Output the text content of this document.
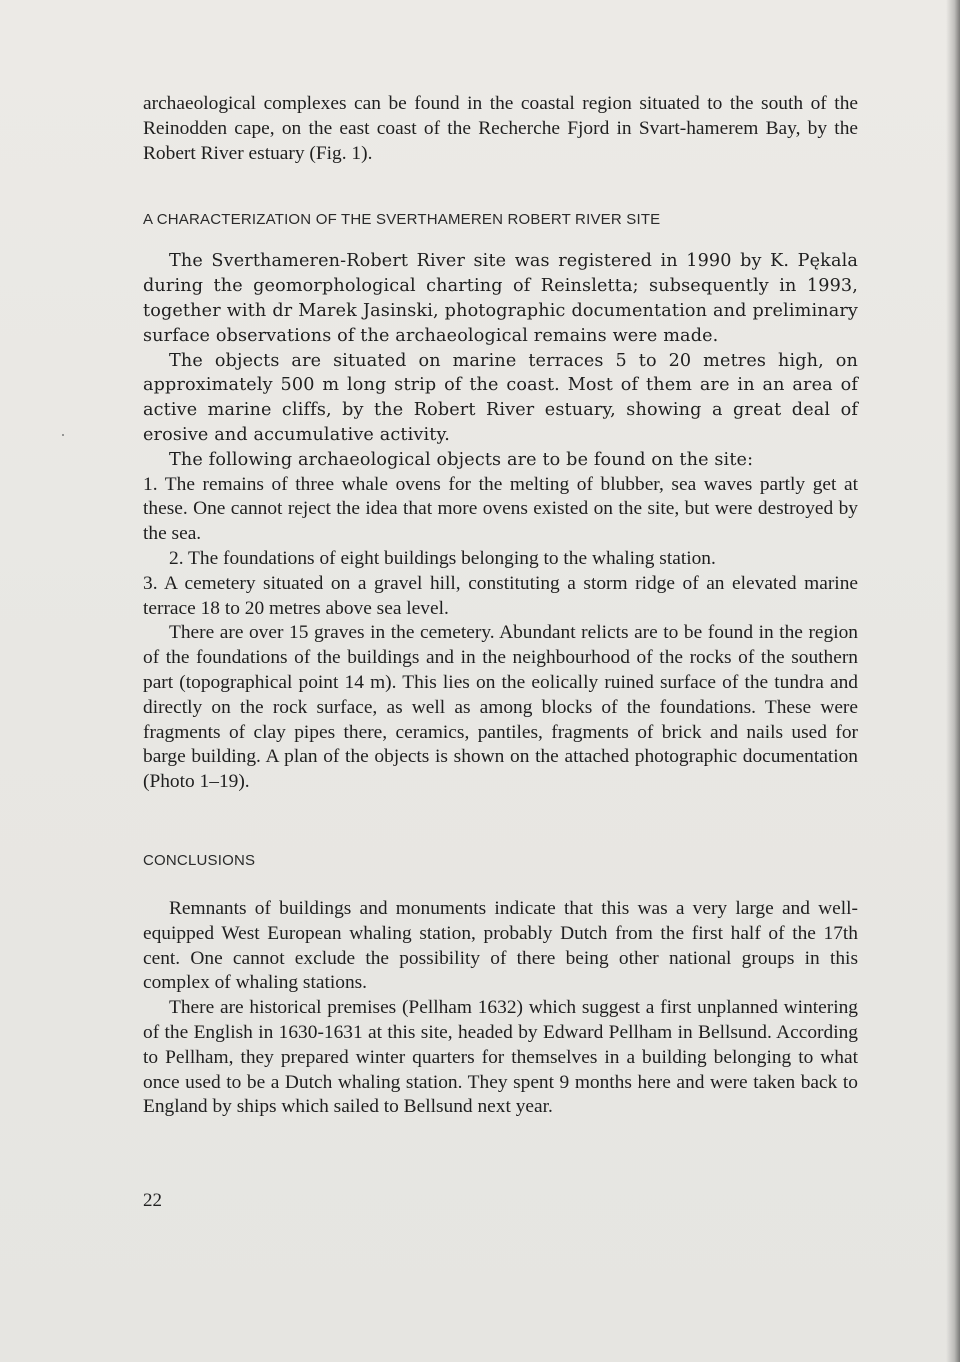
archaeological complexes can be found in the coastal region situated to the south of the Reinodden cape, on the east coast of the Recherche Fjord in Svart-hamerem Bay, by the Robert River estuary (Fig. 1).

A CHARACTERIZATION OF THE SVERTHAMEREN ROBERT RIVER SITE

The Sverthameren-Robert River site was registered in 1990 by K. Pękala during the geomorphological charting of Reinsletta; subsequently in 1993, together with dr Marek Jasinski, photographic documentation and preliminary surface observations of the archaeological remains were made.

The objects are situated on marine terraces 5 to 20 metres high, on approximately 500 m long strip of the coast. Most of them are in an area of active marine cliffs, by the Robert River estuary, showing a great deal of erosive and accumulative activity.

The following archaeological objects are to be found on the site:

1. The remains of three whale ovens for the melting of blubber, sea waves partly get at these. One cannot reject the idea that more ovens existed on the site, but were destroyed by the sea.

2. The foundations of eight buildings belonging to the whaling station.

3. A cemetery situated on a gravel hill, constituting a storm ridge of an elevated marine terrace 18 to 20 metres above sea level.

There are over 15 graves in the cemetery. Abundant relicts are to be found in the region of the foundations of the buildings and in the neighbourhood of the rocks of the southern part (topographical point 14 m). This lies on the eolically ruined surface of the tundra and directly on the rock surface, as well as among blocks of the foundations. These were fragments of clay pipes there, ceramics, pantiles, fragments of brick and nails used for barge building. A plan of the objects is shown on the attached photographic documentation (Photo 1–19).

CONCLUSIONS

Remnants of buildings and monuments indicate that this was a very large and well-equipped West European whaling station, probably Dutch from the first half of the 17th cent. One cannot exclude the possibility of there being other national groups in this complex of whaling stations.

There are historical premises (Pellham 1632) which suggest a first unplanned wintering of the English in 1630-1631 at this site, headed by Edward Pellham in Bellsund. According to Pellham, they prepared winter quarters for themselves in a building belonging to what once used to be a Dutch whaling station. They spent 9 months here and were taken back to England by ships which sailed to Bellsund next year.

22
